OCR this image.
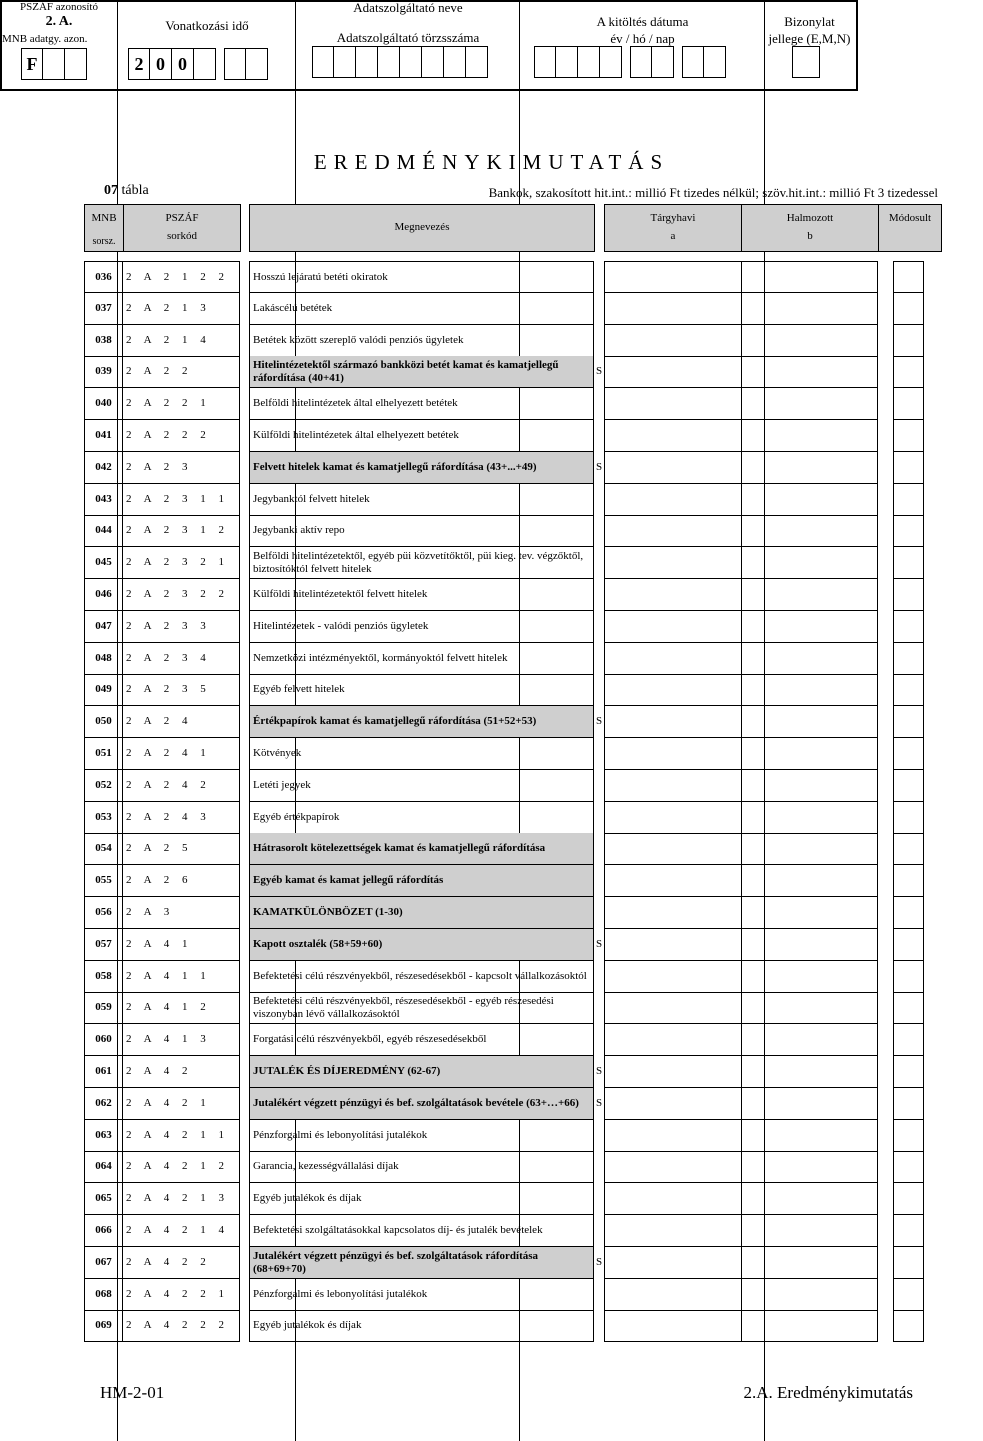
PSZÁF azonosító
2. A.
MNB adatgy. azon.
F
Vonatkozási idő
2 0 0
Adatszolgáltató neve
Adatszolgáltató törzsszáma
A kitöltés dátuma
év / hó / nap
Bizonylat
jellege (E,M,N)
EREDMÉNYKIMUTATÁS
07 tábla	Bankok, szakosított hit.int.: millió Ft tizedes nélkül; szöv.hit.int.: millió Ft 3 tizedessel
MNB
sorsz.
PSZÁF
sorkód
Megnevezés
Tárgyhavi
a
Halmozott
b
Módosult
036	2 A 2 1 2 2	Hosszú lejáratú betéti okiratok
037	2 A 2 1 3	Lakáscélú betétek
038	2 A 2 1 4	Betétek között szereplő valódi penziós ügyletek
039	2 A 2 2
Hitelintézetektől származó bankközi betét kamat és kamatjellegű ráfordítása (40+41)
S
040	2 A 2 2 1	Belföldi hitelintézetek által elhelyezett betétek
041	2 A 2 2 2	Külföldi hitelintézetek által elhelyezett betétek
042	2 A 2 3	Felvett hitelek kamat és kamatjellegű ráfordítása (43+...+49)	S
043	2 A 2 3 1 1	Jegybanktól felvett hitelek
044	2 A 2 3 1 2	Jegybanki aktív repo
045	2 A 2 3 2 1
Belföldi hitelintézetektől, egyéb püi közvetítőktől, püi kieg. tev. végzőktől, biztosítóktól felvett hitelek
046	2 A 2 3 2 2	Külföldi hitelintézetektől felvett hitelek
047	2 A 2 3 3	Hitelintézetek - valódi penziós ügyletek
048	2 A 2 3 4	Nemzetközi intézményektől, kormányoktól felvett hitelek
049	2 A 2 3 5	Egyéb felvett hitelek
050	2 A 2 4	Értékpapírok kamat és kamatjellegű ráfordítása (51+52+53)	S
051	2 A 2 4 1	Kötvények
052	2 A 2 4 2	Letéti jegyek
053	2 A 2 4 3	Egyéb értékpapírok
054	2 A 2 5	Hátrasorolt kötelezettségek kamat és kamatjellegű ráfordítása
055	2 A 2 6	Egyéb kamat és kamat jellegű ráfordítás
056	2 A 3	KAMATKÜLÖNBÖZET (1-30)
057	2 A 4 1	Kapott osztalék (58+59+60)	S
058	2 A 4 1 1	Befektetési célú részvényekből, részesedésekből - kapcsolt vállalkozásoktól
059	2 A 4 1 2
Befektetési célú részvényekből, részesedésekből - egyéb részesedési viszonyban lévő vállalkozásoktól
060	2 A 4 1 3	Forgatási célú részvényekből, egyéb részesedésekből
061	2 A 4 2	JUTALÉK ÉS DÍJEREDMÉNY (62-67)	S
062	2 A 4 2 1	Jutalékért végzett pénzügyi és bef. szolgáltatások bevétele (63+…+66)	S
063	2 A 4 2 1 1	Pénzforgalmi és lebonyolítási jutalékok
064	2 A 4 2 1 2	Garancia, kezességvállalási díjak
065	2 A 4 2 1 3	Egyéb jutalékok és díjak
066	2 A 4 2 1 4	Befektetési szolgáltatásokkal kapcsolatos díj- és jutalék bevételek
067	2 A 4 2 2
Jutalékért végzett pénzügyi és bef. szolgáltatások ráfordítása (68+69+70)
S
068	2 A 4 2 2 1	Pénzforgalmi és lebonyolítási jutalékok
069	2 A 4 2 2 2	Egyéb jutalékok és díjak
HM-2-01	2.A. Eredménykimutatás
